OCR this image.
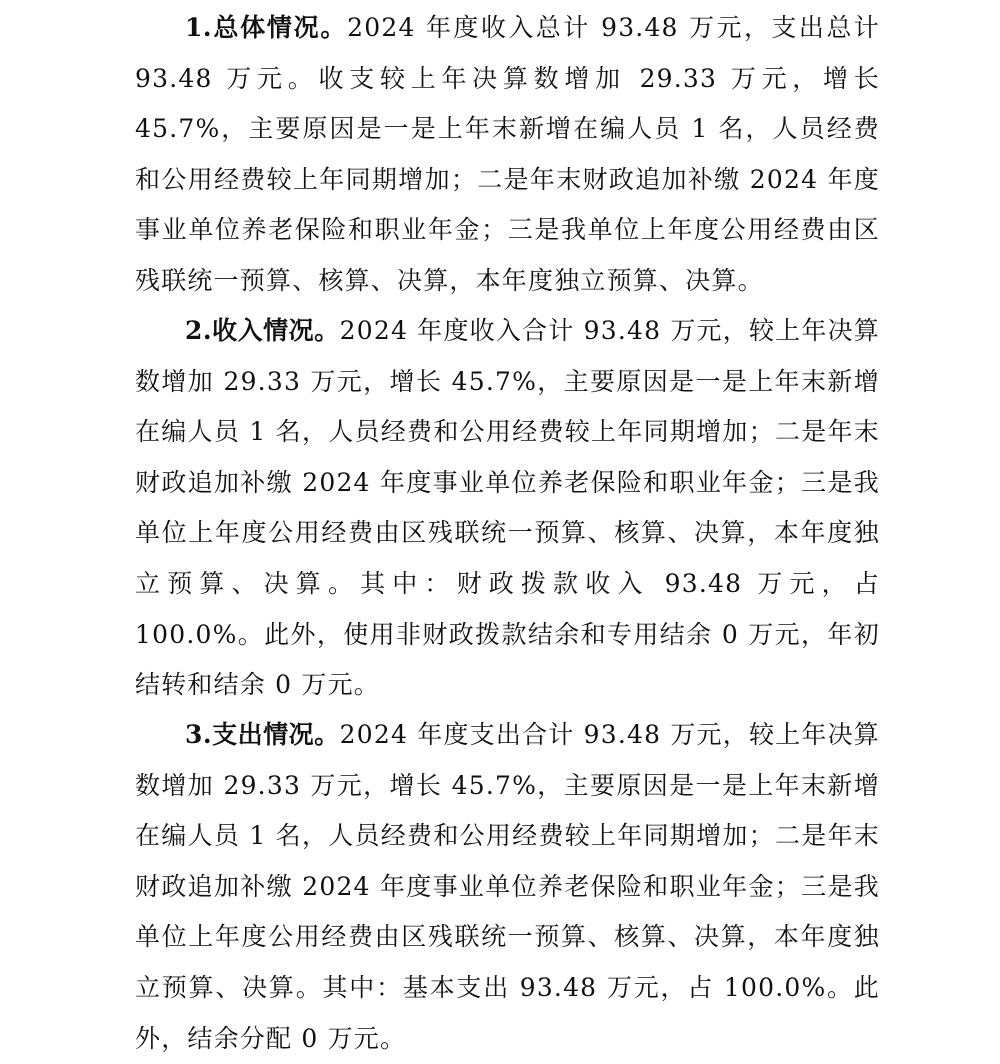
1.总体情况。2024 年度收入总计 93.48 万元，支出总计 93.48 万元。收支较上年决算数增加 29.33 万元，增长 45.7%，主要原因是一是上年末新增在编人员 1 名，人员经费和公用经费较上年同期增加；二是年末财政追加补缴 2024 年度事业单位养老保险和职业年金；三是我单位上年度公用经费由区残联统一预算、核算、决算，本年度独立预算、决算。

2.收入情况。2024 年度收入合计 93.48 万元，较上年决算数增加 29.33 万元，增长 45.7%，主要原因是一是上年末新增在编人员 1 名，人员经费和公用经费较上年同期增加；二是年末财政追加补缴 2024 年度事业单位养老保险和职业年金；三是我单位上年度公用经费由区残联统一预算、核算、决算，本年度独立预算、决算。其中：财政拨款收入 93.48 万元，占 100.0%。此外，使用非财政拨款结余和专用结余 0 万元，年初结转和结余 0 万元。

3.支出情况。2024 年度支出合计 93.48 万元，较上年决算数增加 29.33 万元，增长 45.7%，主要原因是一是上年末新增在编人员 1 名，人员经费和公用经费较上年同期增加；二是年末财政追加补缴 2024 年度事业单位养老保险和职业年金；三是我单位上年度公用经费由区残联统一预算、核算、决算，本年度独立预算、决算。其中：基本支出 93.48 万元，占 100.0%。此外，结余分配 0 万元。
